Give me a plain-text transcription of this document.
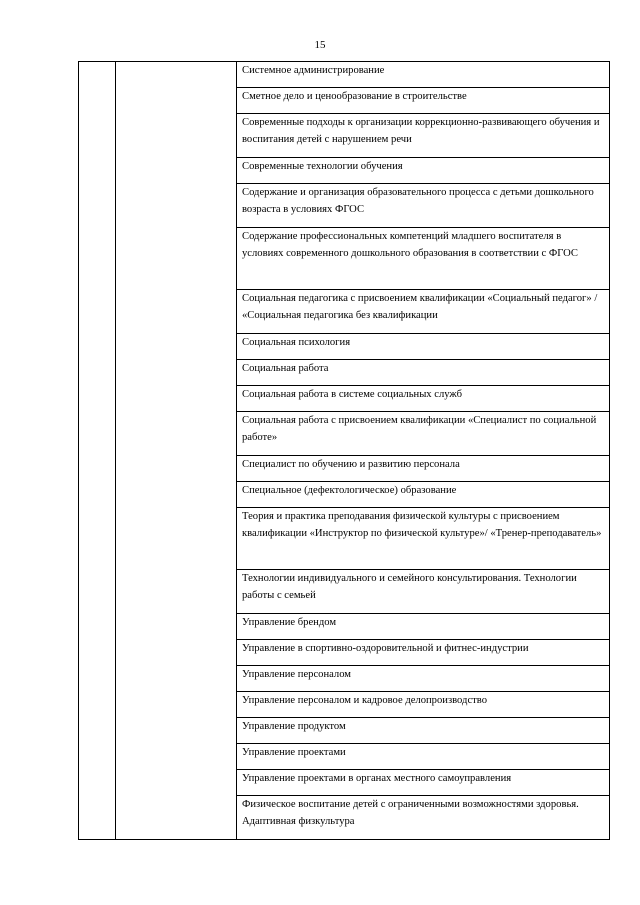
15

Системное администрирование

Сметное дело и ценообразование в строительстве

Современные подходы к организации коррекционно-развивающего обучения и воспитания детей с нарушением речи

Современные технологии обучения

Содержание и организация образовательного процесса с детьми дошкольного возраста в условиях ФГОС

Содержание профессиональных компетенций младшего воспитателя в условиях современного дошкольного образования в соответствии с ФГОС

Социальная педагогика с присвоением квалификации «Социальный педагог» / «Социальная педагогика без квалификации

Социальная психология

Социальная работа

Социальная работа в системе социальных служб

Социальная работа с присвоением квалификации «Специалист по социальной работе»

Специалист по обучению и развитию персонала

Специальное (дефектологическое) образование

Теория и практика преподавания физической культуры с присвоением квалификации «Инструктор по физической культуре»/ «Тренер-преподаватель»

Технологии индивидуального и семейного консультирования. Технологии работы с семьей

Управление брендом

Управление в спортивно-оздоровительной и фитнес-индустрии

Управление персоналом

Управление персоналом и кадровое делопроизводство

Управление продуктом

Управление проектами

Управление проектами в органах местного самоуправления

Физическое воспитание детей с ограниченными возможностями здоровья. Адаптивная физкультура
